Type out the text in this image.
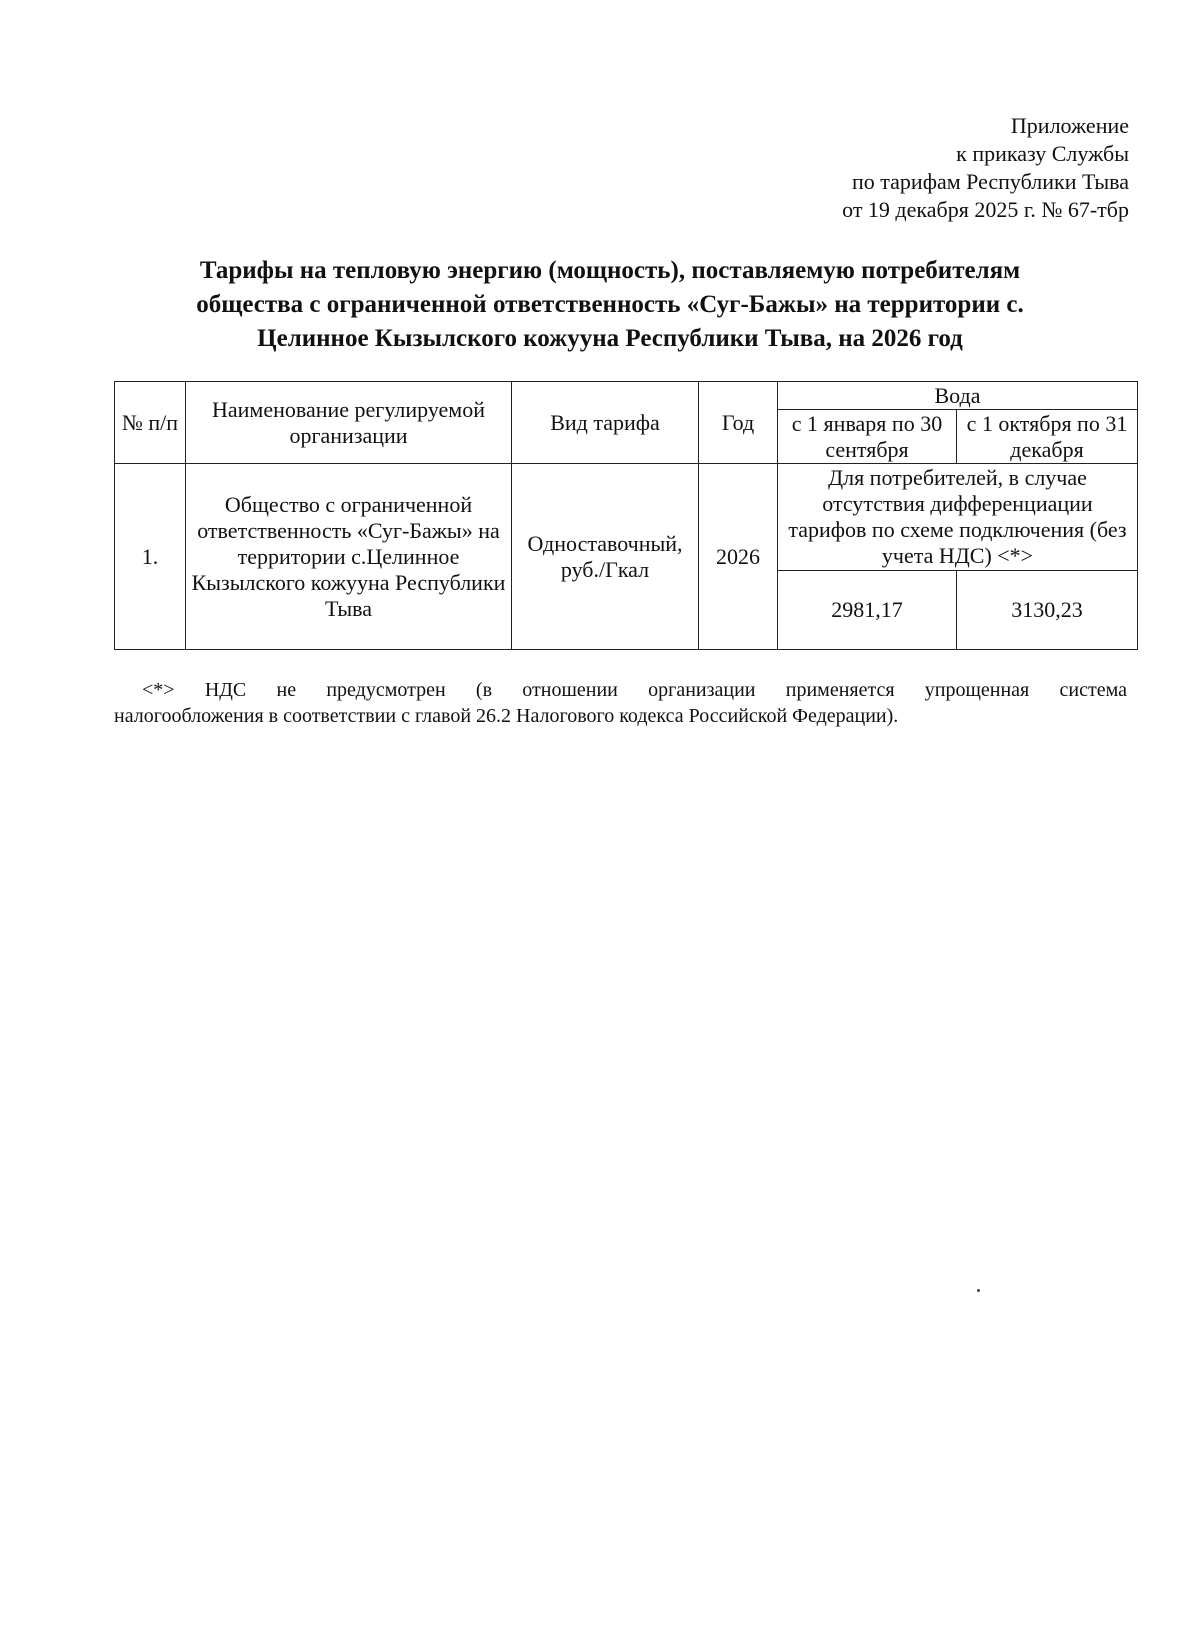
Приложение
к приказу Службы
по тарифам Республики Тыва
от 19 декабря 2025 г. № 67-тбр
Тарифы на тепловую энергию (мощность), поставляемую потребителям
общества с ограниченной ответственность «Суг-Бажы» на территории с.
Целинное Кызылского кожууна Республики Тыва, на 2026 год
№ п/п	Наименование регулируемой организации	Вид тарифа	Год	Вода	
				с 1 января по 30 сентября	с 1 октября по 31 декабря
1.	Общество с ограниченной ответственность «Суг-Бажы» на территории с.Целинное Кызылского кожууна Республики Тыва	Одноставочный, руб./Гкал	2026	Для потребителей, в случае отсутствия дифференциации тарифов по схеме подключения (без учета НДС) <*>	
				2981,17	3130,23
<*> НДС не предусмотрен (в отношении организации применяется упрощенная система
налогообложения в соответствии с главой 26.2 Налогового кодекса Российской Федерации).
